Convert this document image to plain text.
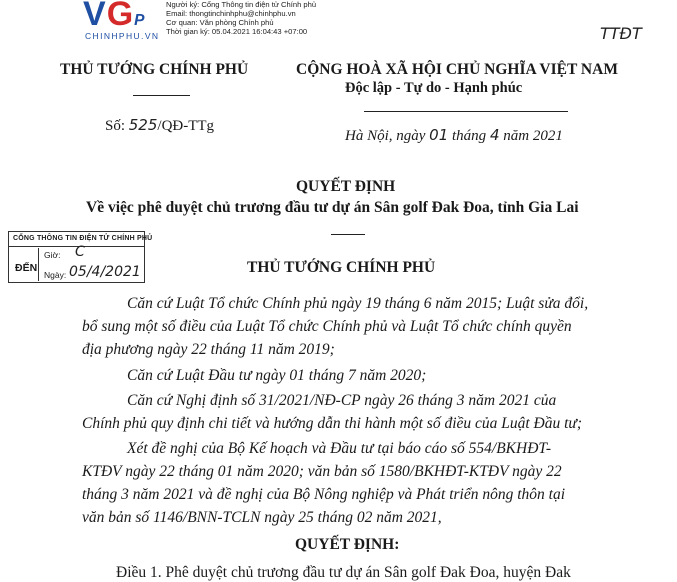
VGP
CHINHPHU.VN
Người ký: Cổng Thông tin điện tử Chính phủ
Email: thongtinchinhphu@chinhphu.vn
Cơ quan: Văn phòng Chính phủ
Thời gian ký: 05.04.2021 16:04:43 +07:00	TTĐT
THỦ TƯỚNG CHÍNH PHỦ	CỘNG HOÀ XÃ HỘI CHỦ NGHĨA VIỆT NAM
Độc lập - Tự do - Hạnh phúc
Số: 525/QĐ-TTg
Hà Nội, ngày 01 tháng 4 năm 2021
QUYẾT ĐỊNH
Về việc phê duyệt chủ trương đầu tư dự án Sân golf Đak Đoa, tỉnh Gia Lai
CỔNG THÔNG TIN ĐIỆN TỬ CHÍNH PHỦ
ĐẾN
Giờ:
Ngày:
C
05/4/2021	THỦ TƯỚNG CHÍNH PHỦ
Căn cứ Luật Tổ chức Chính phủ ngày 19 tháng 6 năm 2015; Luật sửa đổi,
bổ sung một số điều của Luật Tổ chức Chính phủ và Luật Tổ chức chính quyền
địa phương ngày 22 tháng 11 năm 2019;
Căn cứ Luật Đầu tư ngày 01 tháng 7 năm 2020;
Căn cứ Nghị định số 31/2021/NĐ-CP ngày 26 tháng 3 năm 2021 của
Chính phủ quy định chi tiết và hướng dẫn thi hành một số điều của Luật Đầu tư;
Xét đề nghị của Bộ Kế hoạch và Đầu tư tại báo cáo số 554/BKHĐT-
KTĐV ngày 22 tháng 01 năm 2020; văn bản số 1580/BKHĐT-KTĐV ngày 22
tháng 3 năm 2021 và đề nghị của Bộ Nông nghiệp và Phát triển nông thôn tại
văn bản số 1146/BNN-TCLN ngày 25 tháng 02 năm 2021,
QUYẾT ĐỊNH:
Điều 1. Phê duyệt chủ trương đầu tư dự án Sân golf Đak Đoa, huyện Đak
